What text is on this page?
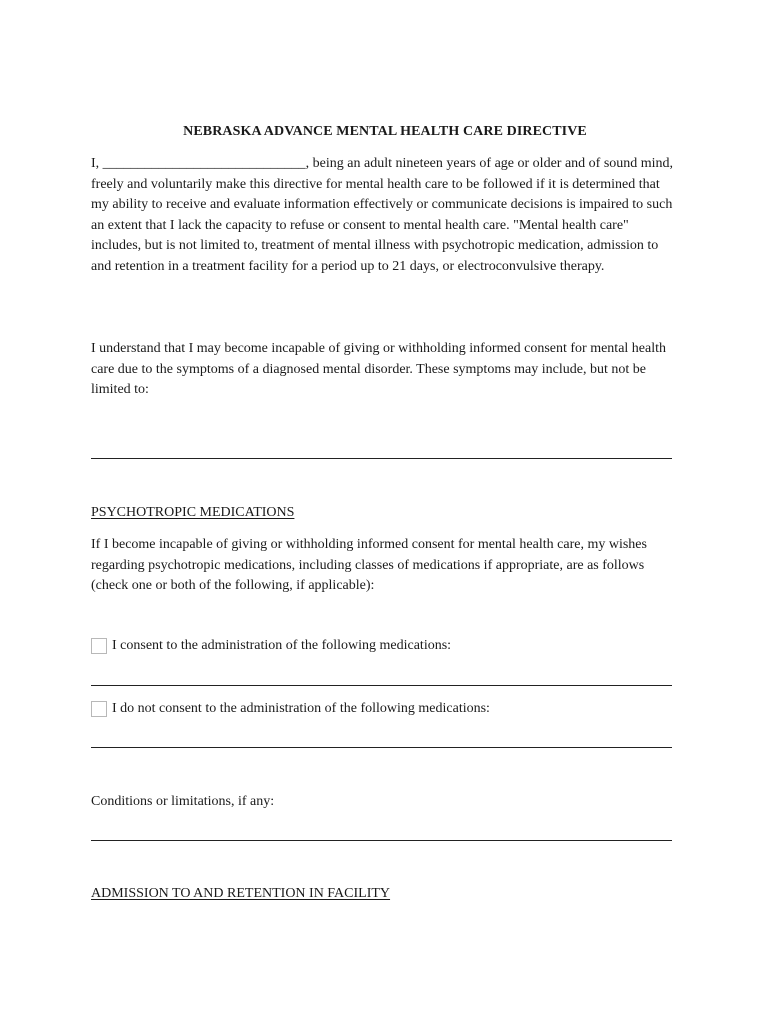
NEBRASKA ADVANCE MENTAL HEALTH CARE DIRECTIVE
I, _____________________________, being an adult nineteen years of age or older and of sound mind, freely and voluntarily make this directive for mental health care to be followed if it is determined that my ability to receive and evaluate information effectively or communicate decisions is impaired to such an extent that I lack the capacity to refuse or consent to mental health care. "Mental health care" includes, but is not limited to, treatment of mental illness with psychotropic medication, admission to and retention in a treatment facility for a period up to 21 days, or electroconvulsive therapy.
I understand that I may become incapable of giving or withholding informed consent for mental health care due to the symptoms of a diagnosed mental disorder. These symptoms may include, but not be limited to:
PSYCHOTROPIC MEDICATIONS
If I become incapable of giving or withholding informed consent for mental health care, my wishes regarding psychotropic medications, including classes of medications if appropriate, are as follows (check one or both of the following, if applicable):
I consent to the administration of the following medications:
I do not consent to the administration of the following medications:
Conditions or limitations, if any:
ADMISSION TO AND RETENTION IN FACILITY
